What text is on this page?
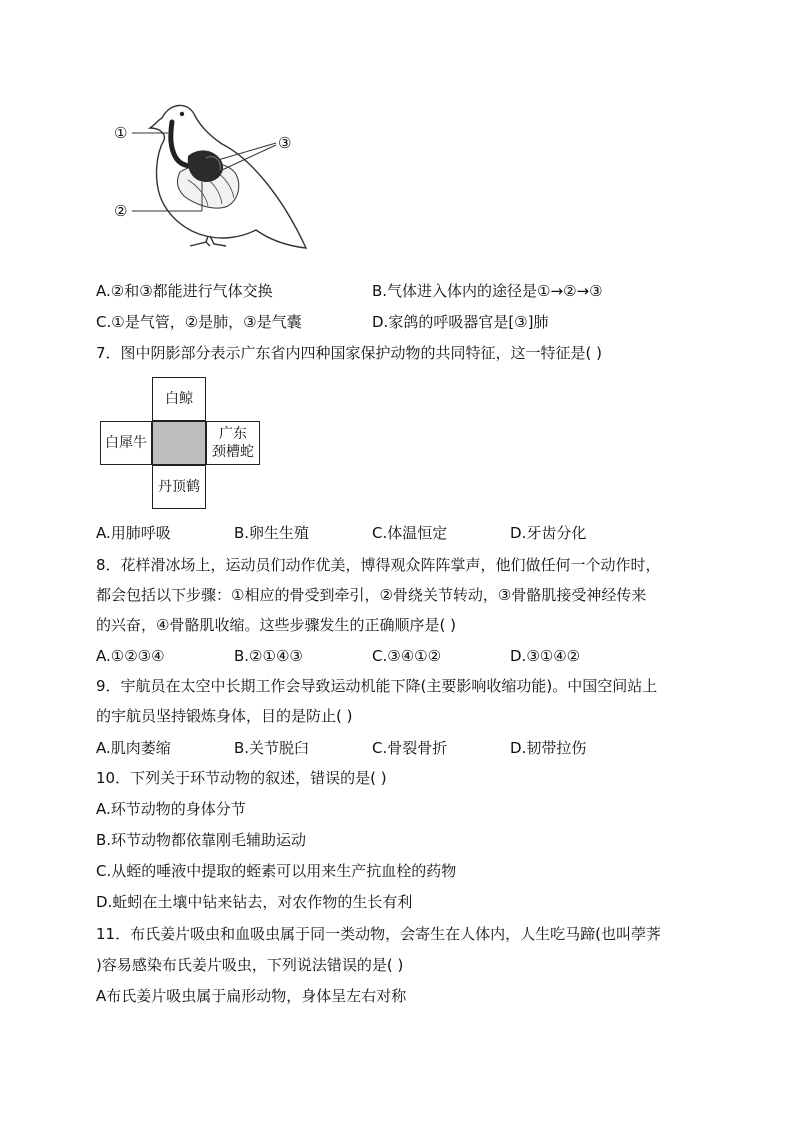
①
②
③
A.②和③都能进行气体交换	B.气体进入体内的途径是①→②→③
C.①是气管，②是肺，③是气囊	D.家鸽的呼吸器官是[③]肺
7．图中阴影部分表示广东省内四种国家保护动物的共同特征，这一特征是( )
白鲸
白犀牛
广东
颈槽蛇
丹顶鹤
A.用肺呼吸	B.卵生生殖	C.体温恒定	D.牙齿分化
8．花样滑冰场上，运动员们动作优美，博得观众阵阵掌声，他们做任何一个动作时，
都会包括以下步骤：①相应的骨受到牵引，②骨绕关节转动，③骨骼肌接受神经传来
的兴奋，④骨骼肌收缩。这些步骤发生的正确顺序是( )
A.①②③④	B.②①④③	C.③④①②	D.③①④②
9．宇航员在太空中长期工作会导致运动机能下降(主要影响收缩功能)。中国空间站上
的宇航员坚持锻炼身体，目的是防止( )
A.肌肉萎缩	B.关节脱臼	C.骨裂骨折	D.韧带拉伤
10．下列关于环节动物的叙述，错误的是( )
A.环节动物的身体分节
B.环节动物都依靠刚毛辅助运动
C.从蛭的唾液中提取的蛭素可以用来生产抗血栓的药物
D.蚯蚓在土壤中钻来钻去，对农作物的生长有利
11．布氏姜片吸虫和血吸虫属于同一类动物，会寄生在人体内，人生吃马蹄(也叫荸荠
)容易感染布氏姜片吸虫，下列说法错误的是( )
A布氏姜片吸虫属于扁形动物，身体呈左右对称
